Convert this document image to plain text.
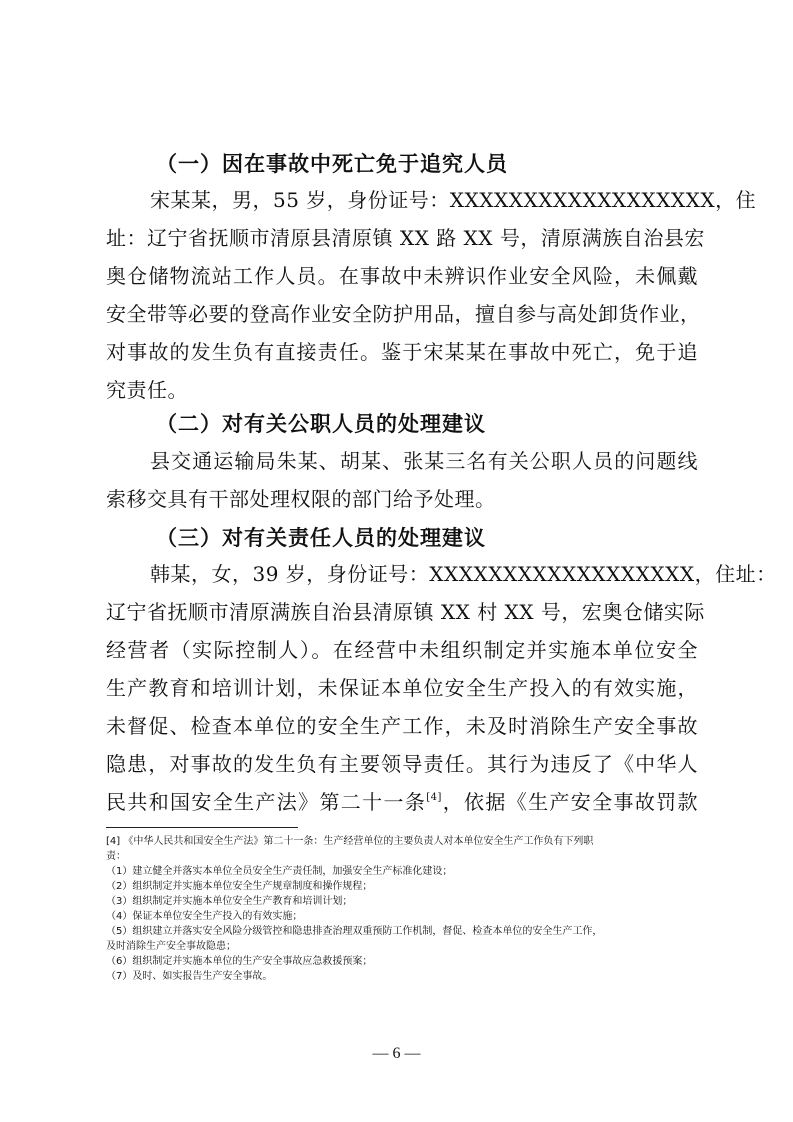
（一）因在事故中死亡免于追究人员
宋某某，男，55 岁，身份证号：XXXXXXXXXXXXXXXXXX，住
址：辽宁省抚顺市清原县清原镇 XX 路 XX 号，清原满族自治县宏
奥仓储物流站工作人员。在事故中未辨识作业安全风险，未佩戴
安全带等必要的登高作业安全防护用品，擅自参与高处卸货作业，
对事故的发生负有直接责任。鉴于宋某某在事故中死亡，免于追
究责任。
（二）对有关公职人员的处理建议
县交通运输局朱某、胡某、张某三名有关公职人员的问题线
索移交具有干部处理权限的部门给予处理。
（三）对有关责任人员的处理建议
韩某，女，39 岁，身份证号：XXXXXXXXXXXXXXXXXX，住址：
辽宁省抚顺市清原满族自治县清原镇 XX 村 XX 号，宏奥仓储实际
经营者（实际控制人）。在经营中未组织制定并实施本单位安全
生产教育和培训计划，未保证本单位安全生产投入的有效实施，
未督促、检查本单位的安全生产工作，未及时消除生产安全事故
隐患，对事故的发生负有主要领导责任。其行为违反了《中华人
民共和国安全生产法》第二十一条[4]，依据《生产安全事故罚款
[4] 《中华人民共和国安全生产法》第二十一条：生产经营单位的主要负责人对本单位安全生产工作负有下列职
责：
（1）建立健全并落实本单位全员安全生产责任制，加强安全生产标准化建设；
（2）组织制定并实施本单位安全生产规章制度和操作规程；
（3）组织制定并实施本单位安全生产教育和培训计划；
（4）保证本单位安全生产投入的有效实施；
（5）组织建立并落实安全风险分级管控和隐患排查治理双重预防工作机制，督促、检查本单位的安全生产工作，
及时消除生产安全事故隐患；
（6）组织制定并实施本单位的生产安全事故应急救援预案；
（7）及时、如实报告生产安全事故。
— 6 —
